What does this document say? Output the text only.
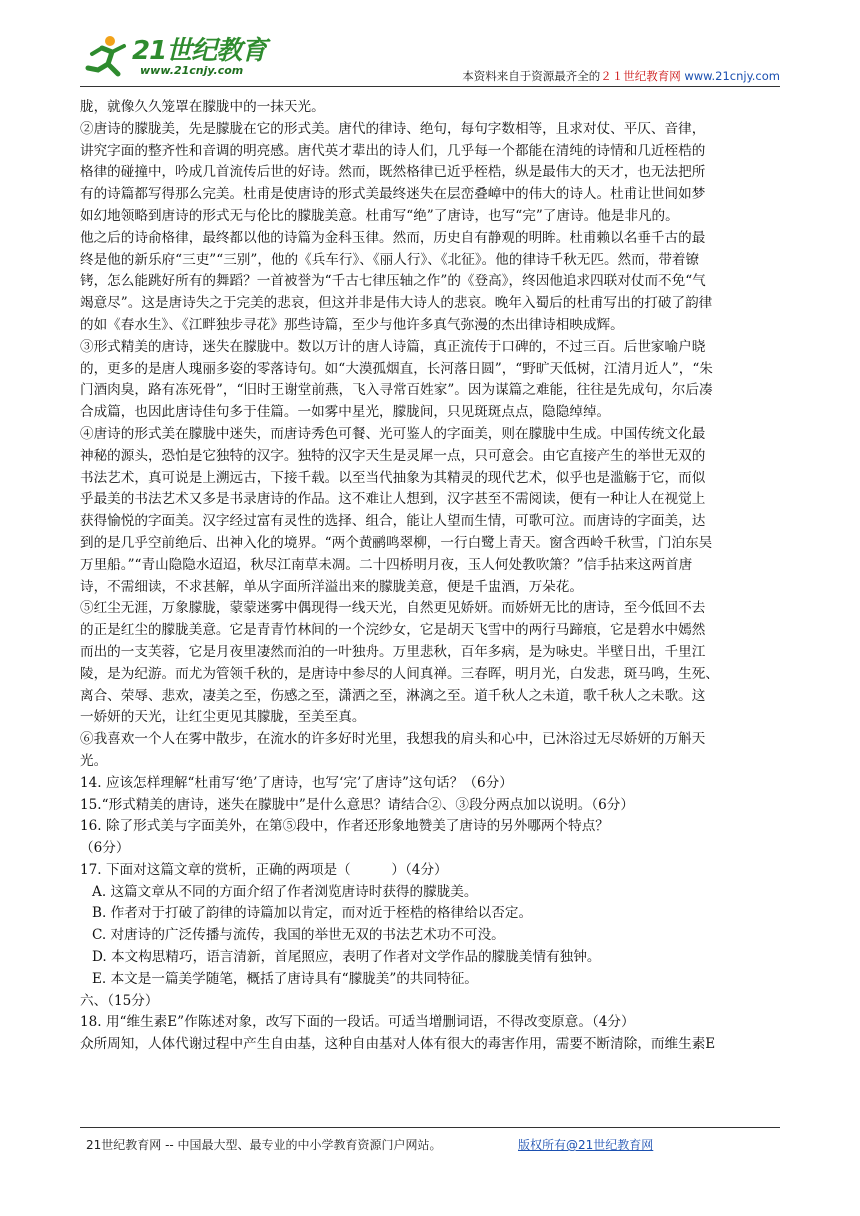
21世纪教育
www.21cnjy.com	本资料来自于资源最齐全的２１世纪教育网 www.21cnjy.com
胧，就像久久笼罩在朦胧中的一抹天光。
②唐诗的朦胧美，先是朦胧在它的形式美。唐代的律诗、绝句，每句字数相等，且求对仗、平仄、音律，
讲究字面的整齐性和音调的明亮感。唐代英才辈出的诗人们，几乎每一个都能在清纯的诗情和几近桎梏的
格律的碰撞中，吟成几首流传后世的好诗。然而，既然格律已近乎桎梏，纵是最伟大的天才，也无法把所
有的诗篇都写得那么完美。杜甫是使唐诗的形式美最终迷失在层峦叠嶂中的伟大的诗人。杜甫让世间如梦
如幻地领略到唐诗的形式无与伦比的朦胧美意。杜甫写“绝”了唐诗，也写“完”了唐诗。他是非凡的。
他之后的诗俞格律，最终都以他的诗篇为金科玉律。然而，历史自有静观的明眸。杜甫赖以名垂千古的最
终是他的新乐府“三吏”“三别”，他的《兵车行》、《丽人行》、《北征》。他的律诗千秋无匹。然而，带着镣
铐，怎么能跳好所有的舞蹈？一首被誉为“千古七律压轴之作”的《登高》，终因他追求四联对仗而不免“气
竭意尽”。这是唐诗失之于完美的悲哀，但这并非是伟大诗人的悲哀。晚年入蜀后的杜甫写出的打破了韵律
的如《春水生》、《江畔独步寻花》那些诗篇，至少与他许多真气弥漫的杰出律诗相映成辉。
③形式精美的唐诗，迷失在朦胧中。数以万计的唐人诗篇，真正流传于口碑的，不过三百。后世家喻户晓
的，更多的是唐人瑰丽多姿的零落诗句。如“大漠孤烟直，长河落日圆”，“野旷天低树，江清月近人”，“朱
门酒肉臭，路有冻死骨”，“旧时王谢堂前燕，飞入寻常百姓家”。因为谋篇之难能，往往是先成句，尔后凑
合成篇，也因此唐诗佳句多于佳篇。一如雾中星光，朦胧间，只见斑斑点点，隐隐绰绰。
④唐诗的形式美在朦胧中迷失，而唐诗秀色可餐、光可鉴人的字面美，则在朦胧中生成。中国传统文化最
神秘的源头，恐怕是它独特的汉字。独特的汉字天生是灵犀一点，只可意会。由它直接产生的举世无双的
书法艺术，真可说是上溯远古，下接千载。以至当代抽象为其精灵的现代艺术，似乎也是滥觞于它，而似
乎最美的书法艺术又多是书录唐诗的作品。这不难让人想到，汉字甚至不需阅读，便有一种让人在视觉上
获得愉悦的字面美。汉字经过富有灵性的选择、组合，能让人望而生情，可歌可泣。而唐诗的字面美，达
到的是几乎空前绝后、出神入化的境界。“两个黄鹂鸣翠柳，一行白鹭上青天。窗含西岭千秋雪，门泊东吴
万里船。”“青山隐隐水迢迢，秋尽江南草未凋。二十四桥明月夜，玉人何处教吹箫？”信手拈来这两首唐
诗，不需细读，不求甚解，单从字面所洋溢出来的朦胧美意，便是千盅酒，万朵花。
⑤红尘无涯，万象朦胧，蒙蒙迷雾中偶现得一线天光，自然更见娇妍。而娇妍无比的唐诗，至今低回不去
的正是红尘的朦胧美意。它是青青竹林间的一个浣纱女，它是胡天飞雪中的两行马蹄痕，它是碧水中嫣然
而出的一支芙蓉，它是月夜里凄然而泊的一叶独舟。万里悲秋，百年多病，是为咏史。半壁日出，千里江
陵，是为纪游。而尤为管领千秋的，是唐诗中参尽的人间真禅。三春晖，明月光，白发悲，斑马鸣，生死、
离合、荣辱、悲欢，凄美之至，伤感之至，潇洒之至，淋漓之至。道千秋人之未道，歌千秋人之未歌。这
一娇妍的天光，让红尘更见其朦胧，至美至真。
⑥我喜欢一个人在雾中散步，在流水的许多好时光里，我想我的肩头和心中，已沐浴过无尽娇妍的万斛天
光。
14. 应该怎样理解“杜甫写‘绝’了唐诗，也写‘完’了唐诗”这句话？（6分）
15.“形式精美的唐诗，迷失在朦胧中”是什么意思？请结合②、③段分两点加以说明。（6分）
16. 除了形式美与字面美外，在第⑤段中，作者还形象地赞美了唐诗的另外哪两个特点？
（6分）
17. 下面对这篇文章的赏析，正确的两项是（　　　）（4分）
A. 这篇文章从不同的方面介绍了作者浏览唐诗时获得的朦胧美。
B. 作者对于打破了韵律的诗篇加以肯定，而对近于桎梏的格律给以否定。
C. 对唐诗的广泛传播与流传，我国的举世无双的书法艺术功不可没。
D. 本文构思精巧，语言清新，首尾照应，表明了作者对文学作品的朦胧美情有独钟。
E. 本文是一篇美学随笔，概括了唐诗具有“朦胧美”的共同特征。
六、（15分）
18. 用“维生素E”作陈述对象，改写下面的一段话。可适当增删词语，不得改变原意。（4分）
众所周知，人体代谢过程中产生自由基，这种自由基对人体有很大的毒害作用，需要不断清除，而维生素E
21世纪教育网 -- 中国最大型、最专业的中小学教育资源门户网站。	版权所有@21世纪教育网
